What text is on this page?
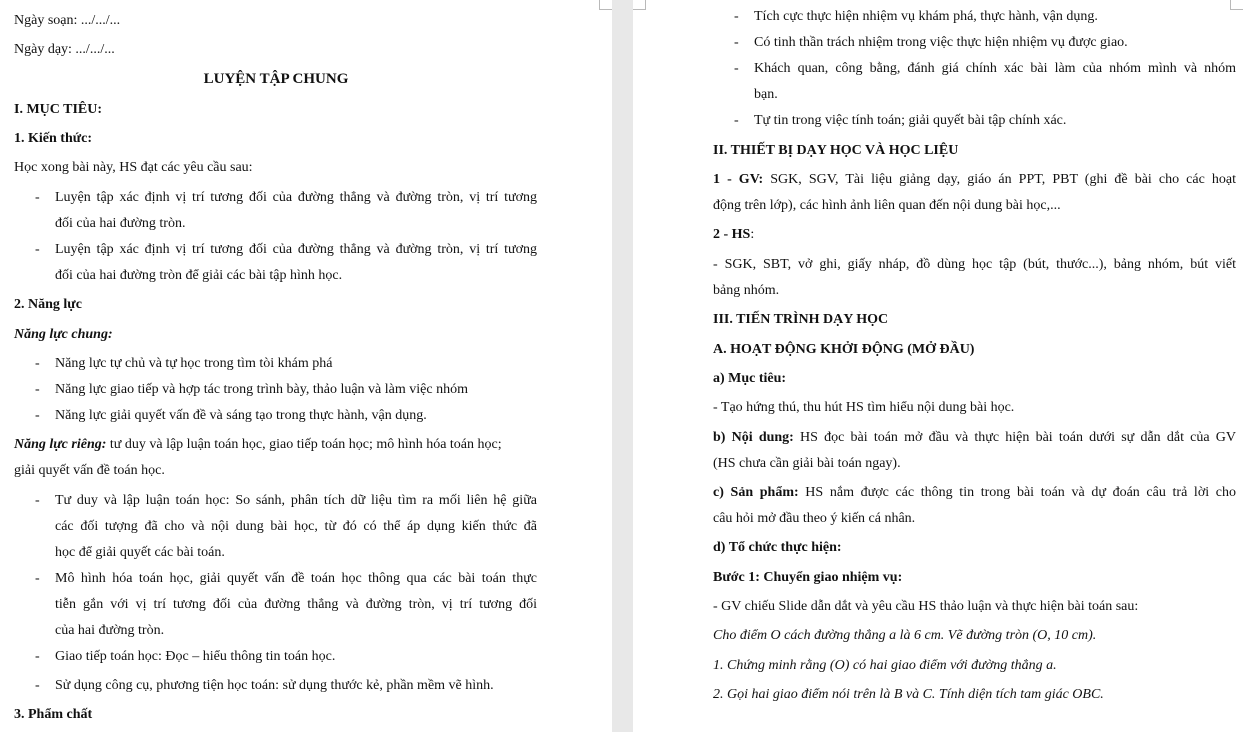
Ngày soạn: .../.../...

Ngày dạy: .../.../...

LUYỆN TẬP CHUNG

I. MỤC TIÊU:

1. Kiến thức:

Học xong bài này, HS đạt các yêu cầu sau:

- Luyện tập xác định vị trí tương đối của đường thẳng và đường tròn, vị trí tương

đối của hai đường tròn.

- Luyện tập xác định vị trí tương đối của đường thẳng và đường tròn, vị trí tương

đối của hai đường tròn để giải các bài tập hình học.

2. Năng lực

Năng lực chung:

- Năng lực tự chủ và tự học trong tìm tòi khám phá

- Năng lực giao tiếp và hợp tác trong trình bày, thảo luận và làm việc nhóm

- Năng lực giải quyết vấn đề và sáng tạo trong thực hành, vận dụng.

Năng lực riêng: tư duy và lập luận toán học, giao tiếp toán học; mô hình hóa toán học;

giải quyết vấn đề toán học.

- Tư duy và lập luận toán học: So sánh, phân tích dữ liệu tìm ra mối liên hệ giữa

các đối tượng đã cho và nội dung bài học, từ đó có thể áp dụng kiến thức đã

học để giải quyết các bài toán.

- Mô hình hóa toán học, giải quyết vấn đề toán học thông qua các bài toán thực

tiễn gắn với vị trí tương đối của đường thẳng và đường tròn, vị trí tương đối

của hai đường tròn.

- Giao tiếp toán học: Đọc – hiểu thông tin toán học.

- Sử dụng công cụ, phương tiện học toán: sử dụng thước kẻ, phần mềm vẽ hình.

3. Phẩm chất

- Tích cực thực hiện nhiệm vụ khám phá, thực hành, vận dụng.

- Có tinh thần trách nhiệm trong việc thực hiện nhiệm vụ được giao.

- Khách quan, công bằng, đánh giá chính xác bài làm của nhóm mình và nhóm

bạn.

- Tự tin trong việc tính toán; giải quyết bài tập chính xác.

II. THIẾT BỊ DẠY HỌC VÀ HỌC LIỆU

1 - GV: SGK, SGV, Tài liệu giảng dạy, giáo án PPT, PBT (ghi đề bài cho các hoạt

động trên lớp), các hình ảnh liên quan đến nội dung bài học,...

2 - HS:

- SGK, SBT, vở ghi, giấy nháp, đồ dùng học tập (bút, thước...), bảng nhóm, bút viết

bảng nhóm.

III. TIẾN TRÌNH DẠY HỌC

A. HOẠT ĐỘNG KHỞI ĐỘNG (MỞ ĐẦU)

a) Mục tiêu:

- Tạo hứng thú, thu hút HS tìm hiểu nội dung bài học.

b) Nội dung: HS đọc bài toán mở đầu và thực hiện bài toán dưới sự dẫn dắt của GV

(HS chưa cần giải bài toán ngay).

c) Sản phẩm: HS nắm được các thông tin trong bài toán và dự đoán câu trả lời cho

câu hỏi mở đầu theo ý kiến cá nhân.

d) Tổ chức thực hiện:

Bước 1: Chuyển giao nhiệm vụ:

- GV chiếu Slide dẫn dắt và yêu cầu HS thảo luận và thực hiện bài toán sau:

Cho điểm O cách đường thẳng a là 6 cm. Vẽ đường tròn (O, 10 cm).

1. Chứng minh rằng (O) có hai giao điểm với đường thẳng a.

2. Gọi hai giao điểm nói trên là B và C. Tính diện tích tam giác OBC.
